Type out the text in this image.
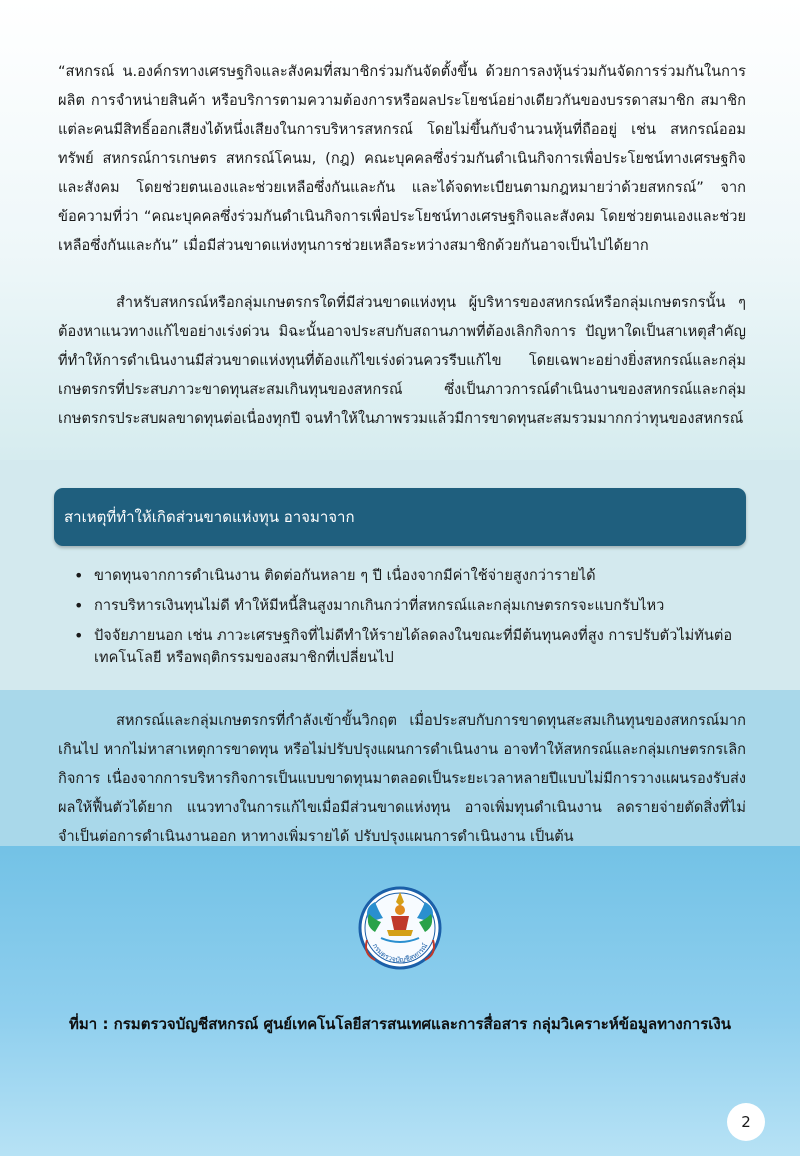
“สหกรณ์ น.องค์กรทางเศรษฐกิจและสังคมที่สมาชิกร่วมกันจัดตั้งขึ้น ด้วยการลงหุ้นร่วมกันจัดการร่วมกันในการผลิต การจำหน่ายสินค้า หรือบริการตามความต้องการหรือผลประโยชน์อย่างเดียวกันของบรรดาสมาชิก สมาชิกแต่ละคนมีสิทธิ์ออกเสียงได้หนึ่งเสียงในการบริหารสหกรณ์ โดยไม่ขึ้นกับจำนวนหุ้นที่ถืออยู่ เช่น สหกรณ์ออมทรัพย์ สหกรณ์การเกษตร สหกรณ์โคนม, (กฎ) คณะบุคคลซึ่งร่วมกันดำเนินกิจการเพื่อประโยชน์ทางเศรษฐกิจและสังคม โดยช่วยตนเองและช่วยเหลือซึ่งกันและกัน และได้จดทะเบียนตามกฎหมายว่าด้วยสหกรณ์” จากข้อความที่ว่า “คณะบุคคลซึ่งร่วมกันดำเนินกิจการเพื่อประโยชน์ทางเศรษฐกิจและสังคม โดยช่วยตนเองและช่วยเหลือซึ่งกันและกัน” เมื่อมีส่วนขาดแห่งทุนการช่วยเหลือระหว่างสมาชิกด้วยกันอาจเป็นไปได้ยาก

สำหรับสหกรณ์หรือกลุ่มเกษตรกรใดที่มีส่วนขาดแห่งทุน ผู้บริหารของสหกรณ์หรือกลุ่มเกษตรกรนั้น ๆ ต้องหาแนวทางแก้ไขอย่างเร่งด่วน มิฉะนั้นอาจประสบกับสถานภาพที่ต้องเลิกกิจการ ปัญหาใดเป็นสาเหตุสำคัญที่ทำให้การดำเนินงานมีส่วนขาดแห่งทุนที่ต้องแก้ไขเร่งด่วนควรรีบแก้ไข โดยเฉพาะอย่างยิ่งสหกรณ์และกลุ่มเกษตรกรที่ประสบภาวะขาดทุนสะสมเกินทุนของสหกรณ์ ซึ่งเป็นภาวการณ์ดำเนินงานของสหกรณ์และกลุ่มเกษตรกรประสบผลขาดทุนต่อเนื่องทุกปี จนทำให้ในภาพรวมแล้วมีการขาดทุนสะสมรวมมากกว่าทุนของสหกรณ์

สาเหตุที่ทำให้เกิดส่วนขาดแห่งทุน อาจมาจาก
• ขาดทุนจากการดำเนินงาน ติดต่อกันหลาย ๆ ปี เนื่องจากมีค่าใช้จ่ายสูงกว่ารายได้
• การบริหารเงินทุนไม่ดี ทำให้มีหนี้สินสูงมากเกินกว่าที่สหกรณ์และกลุ่มเกษตรกรจะแบกรับไหว
• ปัจจัยภายนอก เช่น ภาวะเศรษฐกิจที่ไม่ดีทำให้รายได้ลดลงในขณะที่มีต้นทุนคงที่สูง การปรับตัวไม่ทันต่อเทคโนโลยี หรือพฤติกรรมของสมาชิกที่เปลี่ยนไป

สหกรณ์และกลุ่มเกษตรกรที่กำลังเข้าขั้นวิกฤต เมื่อประสบกับการขาดทุนสะสมเกินทุนของสหกรณ์มากเกินไป หากไม่หาสาเหตุการขาดทุน หรือไม่ปรับปรุงแผนการดำเนินงาน อาจทำให้สหกรณ์และกลุ่มเกษตรกรเลิกกิจการ เนื่องจากการบริหารกิจการเป็นแบบขาดทุนมาตลอดเป็นระยะเวลาหลายปีแบบไม่มีการวางแผนรองรับส่งผลให้ฟื้นตัวได้ยาก แนวทางในการแก้ไขเมื่อมีส่วนขาดแห่งทุน อาจเพิ่มทุนดำเนินงาน ลดรายจ่ายตัดสิ่งที่ไม่จำเป็นต่อการดำเนินงานออก หาทางเพิ่มรายได้ ปรับปรุงแผนการดำเนินงาน เป็นต้น

กรมตรวจบัญชีสหกรณ์
ที่มา : กรมตรวจบัญชีสหกรณ์ ศูนย์เทคโนโลยีสารสนเทศและการสื่อสาร กลุ่มวิเคราะห์ข้อมูลทางการเงิน
2
